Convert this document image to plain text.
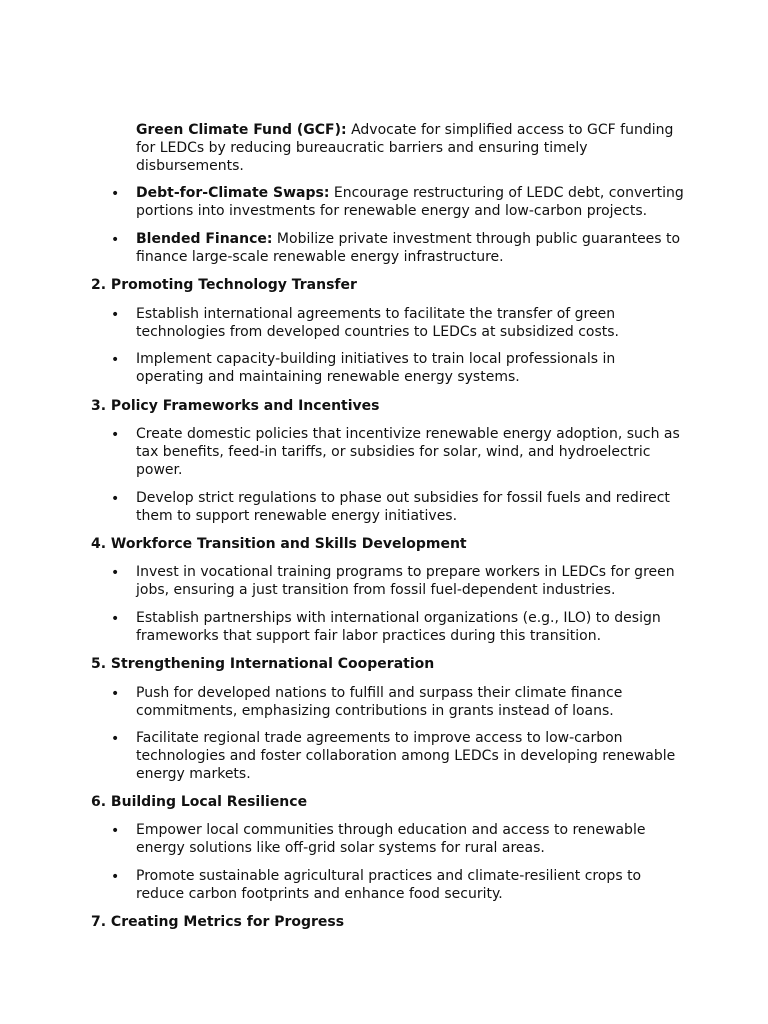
Green Climate Fund (GCF): Advocate for simplified access to GCF funding for LEDCs by reducing bureaucratic barriers and ensuring timely disbursements.
• Debt-for-Climate Swaps: Encourage restructuring of LEDC debt, converting portions into investments for renewable energy and low-carbon projects.
• Blended Finance: Mobilize private investment through public guarantees to finance large-scale renewable energy infrastructure.
2. Promoting Technology Transfer
• Establish international agreements to facilitate the transfer of green technologies from developed countries to LEDCs at subsidized costs.
• Implement capacity-building initiatives to train local professionals in operating and maintaining renewable energy systems.
3. Policy Frameworks and Incentives
• Create domestic policies that incentivize renewable energy adoption, such as tax benefits, feed-in tariffs, or subsidies for solar, wind, and hydroelectric power.
• Develop strict regulations to phase out subsidies for fossil fuels and redirect them to support renewable energy initiatives.
4. Workforce Transition and Skills Development
• Invest in vocational training programs to prepare workers in LEDCs for green jobs, ensuring a just transition from fossil fuel-dependent industries.
• Establish partnerships with international organizations (e.g., ILO) to design frameworks that support fair labor practices during this transition.
5. Strengthening International Cooperation
• Push for developed nations to fulfill and surpass their climate finance commitments, emphasizing contributions in grants instead of loans.
• Facilitate regional trade agreements to improve access to low-carbon technologies and foster collaboration among LEDCs in developing renewable energy markets.
6. Building Local Resilience
• Empower local communities through education and access to renewable energy solutions like off-grid solar systems for rural areas.
• Promote sustainable agricultural practices and climate-resilient crops to reduce carbon footprints and enhance food security.
7. Creating Metrics for Progress
